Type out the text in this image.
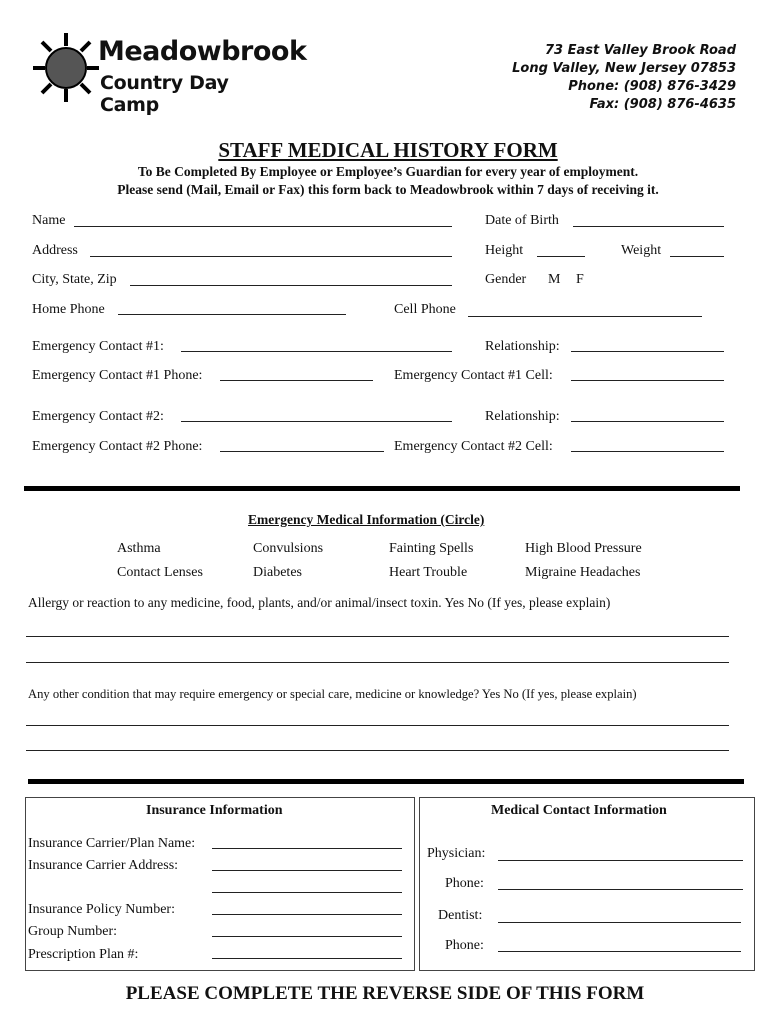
Meadowbrook
Country Day Camp
73 East Valley Brook Road
Long Valley, New Jersey 07853
Phone: (908) 876-3429
Fax: (908) 876-4635
STAFF MEDICAL HISTORY FORM
To Be Completed By Employee or Employee’s Guardian for every year of employment.
Please send (Mail, Email or Fax) this form back to Meadowbrook within 7 days of receiving it.
Name	Date of Birth
Address	Height	Weight
City, State, Zip	Gender M F
Home Phone	Cell Phone
Emergency Contact #1:	Relationship:
Emergency Contact #1 Phone:	Emergency Contact #1 Cell:
Emergency Contact #2:	Relationship:
Emergency Contact #2 Phone:	Emergency Contact #2 Cell:
Emergency Medical Information (Circle)
Asthma	Convulsions	Fainting Spells	High Blood Pressure
Contact Lenses	Diabetes	Heart Trouble	Migraine Headaches
Allergy or reaction to any medicine, food, plants, and/or animal/insect toxin. Yes No (If yes, please explain)
Any other condition that may require emergency or special care, medicine or knowledge? Yes No (If yes, please explain)
Insurance Information
Insurance Carrier/Plan Name:
Insurance Carrier Address:
Insurance Policy Number:
Group Number:
Prescription Plan #:
Medical Contact Information
Physician:
Phone:
Dentist:
Phone:
PLEASE COMPLETE THE REVERSE SIDE OF THIS FORM
